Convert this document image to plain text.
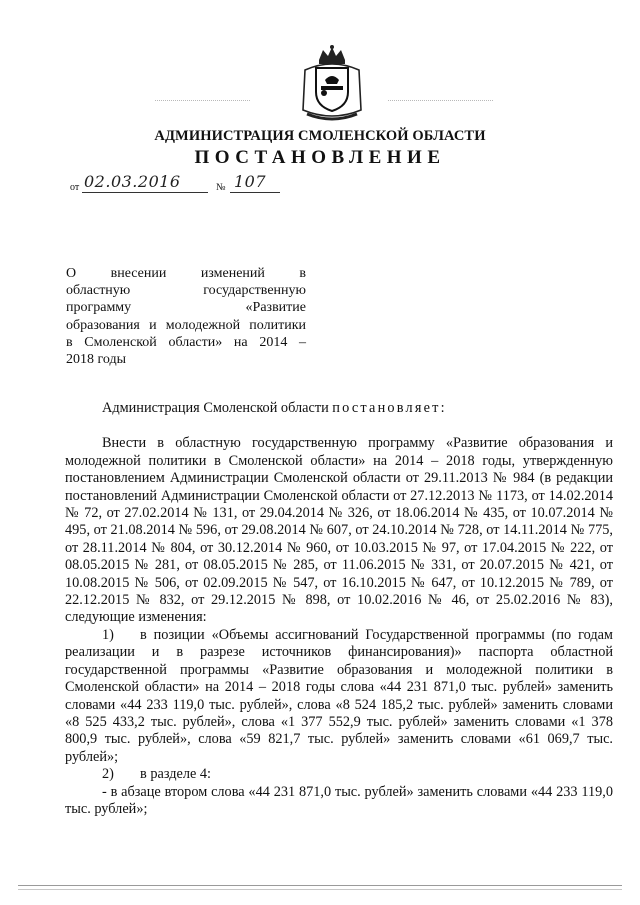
АДМИНИСТРАЦИЯ СМОЛЕНСКОЙ ОБЛАСТИ
ПОСТАНОВЛЕНИЕ
от 02.03.2016	№ 107

О внесении изменений в

областную государственную

программу «Развитие

образования и молодежной политики

в Смоленской области» на 2014 –

2018 годы

Администрация Смоленской области постановляет:

Внести в областную государственную программу «Развитие образования и молодежной политики в Смоленской области» на 2014 – 2018 годы, утвержденную постановлением Администрации Смоленской области от 29.11.2013 № 984 (в редакции постановлений Администрации Смоленской области от 27.12.2013 № 1173, от 14.02.2014 № 72, от 27.02.2014 № 131, от 29.04.2014 № 326, от 18.06.2014 № 435, от 10.07.2014 № 495, от 21.08.2014 № 596, от 29.08.2014 № 607, от 24.10.2014 № 728, от 14.11.2014 № 775, от 28.11.2014 № 804, от 30.12.2014 № 960, от 10.03.2015 № 97, от 17.04.2015 № 222, от 08.05.2015 № 281, от 08.05.2015 № 285, от 11.06.2015 № 331, от 20.07.2015 № 421, от 10.08.2015 № 506, от 02.09.2015 № 547, от 16.10.2015 № 647, от 10.12.2015 № 789, от 22.12.2015 № 832, от 29.12.2015 № 898, от 10.02.2016 № 46, от 25.02.2016 № 83), следующие изменения:

1) в позиции «Объемы ассигнований Государственной программы (по годам реализации и в разрезе источников финансирования)» паспорта областной государственной программы «Развитие образования и молодежной политики в Смоленской области» на 2014 – 2018 годы слова «44 231 871,0 тыс. рублей» заменить словами «44 233 119,0 тыс. рублей», слова «8 524 185,2 тыс. рублей» заменить словами «8 525 433,2 тыс. рублей», слова «1 377 552,9 тыс. рублей» заменить словами «1 378 800,9 тыс. рублей», слова «59 821,7 тыс. рублей» заменить словами «61 069,7 тыс. рублей»;

2) в разделе 4:

- в абзаце втором слова «44 231 871,0 тыс. рублей» заменить словами «44 233 119,0 тыс. рублей»;
